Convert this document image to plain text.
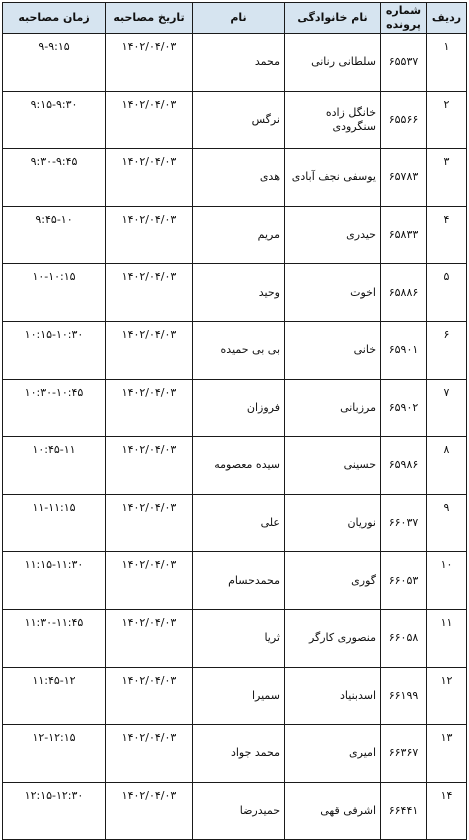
ردیف	شماره پرونده	نام خانوادگی	نام	تاریخ مصاحبه	زمان مصاحبه
۱	۶۵۵۳۷	سلطانی رنانی	محمد	۱۴۰۲/۰۴/۰۳	۹-۹:۱۵
۲	۶۵۵۶۶	خانگل زاده سنگرودی	نرگس	۱۴۰۲/۰۴/۰۳	۹:۱۵-۹:۳۰
۳	۶۵۷۸۳	یوسفی نجف آبادی	هدی	۱۴۰۲/۰۴/۰۳	۹:۳۰-۹:۴۵
۴	۶۵۸۳۳	حیدری	مریم	۱۴۰۲/۰۴/۰۳	۹:۴۵-۱۰
۵	۶۵۸۸۶	اخوت	وحید	۱۴۰۲/۰۴/۰۳	۱۰-۱۰:۱۵
۶	۶۵۹۰۱	خانی	بی بی حمیده	۱۴۰۲/۰۴/۰۳	۱۰:۱۵-۱۰:۳۰
۷	۶۵۹۰۲	مرزبانی	فروزان	۱۴۰۲/۰۴/۰۳	۱۰:۳۰-۱۰:۴۵
۸	۶۵۹۸۶	حسینی	سیده معصومه	۱۴۰۲/۰۴/۰۳	۱۰:۴۵-۱۱
۹	۶۶۰۳۷	نوریان	علی	۱۴۰۲/۰۴/۰۳	۱۱-۱۱:۱۵
۱۰	۶۶۰۵۳	گوری	محمدحسام	۱۴۰۲/۰۴/۰۳	۱۱:۱۵-۱۱:۳۰
۱۱	۶۶۰۵۸	منصوری کارگر	ثریا	۱۴۰۲/۰۴/۰۳	۱۱:۳۰-۱۱:۴۵
۱۲	۶۶۱۹۹	اسدبنیاد	سمیرا	۱۴۰۲/۰۴/۰۳	۱۱:۴۵-۱۲
۱۳	۶۶۳۶۷	امیری	محمد جواد	۱۴۰۲/۰۴/۰۳	۱۲-۱۲:۱۵
۱۴	۶۶۴۴۱	اشرفی قهی	حمیدرضا	۱۴۰۲/۰۴/۰۳	۱۲:۱۵-۱۲:۳۰
